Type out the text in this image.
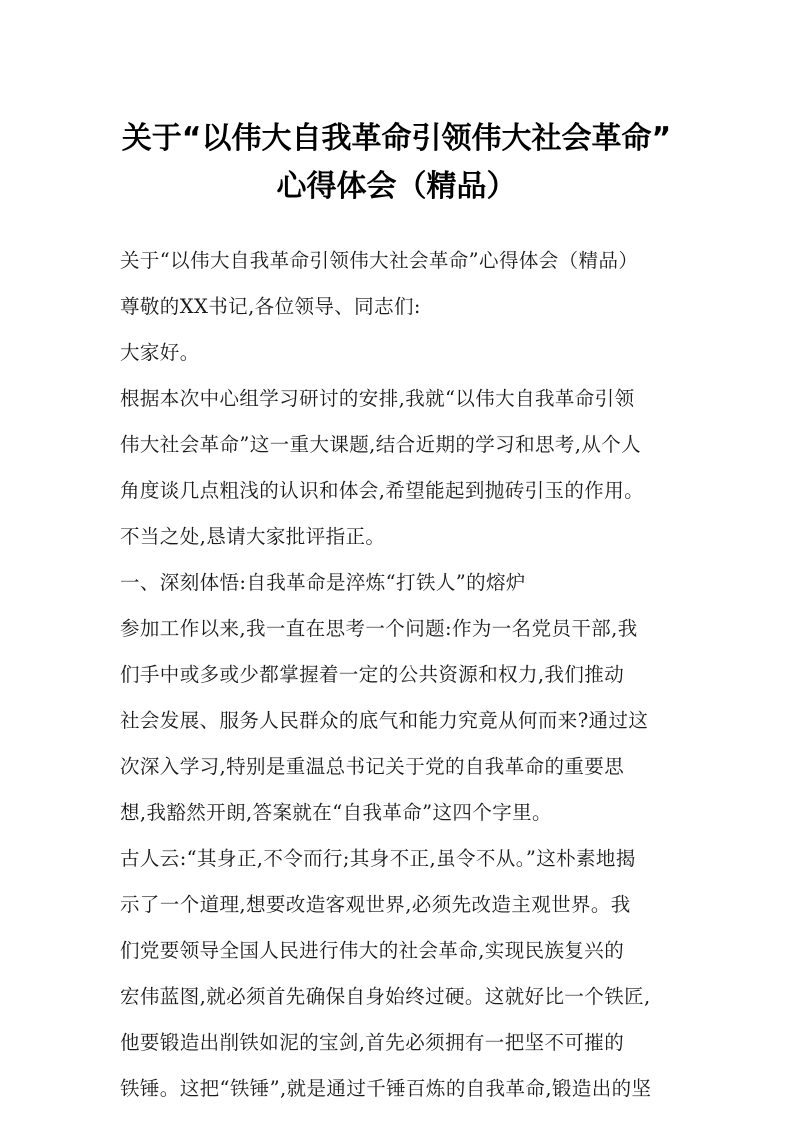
关于“以伟大自我革命引领伟大社会革命”
心得体会（精品）
关于“以伟大自我革命引领伟大社会革命”心得体会（精品）
尊敬的XX书记,各位领导、同志们:
大家好。
根据本次中心组学习研讨的安排,我就“以伟大自我革命引领
伟大社会革命”这一重大课题,结合近期的学习和思考,从个人
角度谈几点粗浅的认识和体会,希望能起到抛砖引玉的作用。
不当之处,恳请大家批评指正。
一、深刻体悟:自我革命是淬炼“打铁人”的熔炉
参加工作以来,我一直在思考一个问题:作为一名党员干部,我
们手中或多或少都掌握着一定的公共资源和权力,我们推动
社会发展、服务人民群众的底气和能力究竟从何而来?通过这
次深入学习,特别是重温总书记关于党的自我革命的重要思
想,我豁然开朗,答案就在“自我革命”这四个字里。
古人云:“其身正,不令而行;其身不正,虽令不从。”这朴素地揭
示了一个道理,想要改造客观世界,必须先改造主观世界。我
们党要领导全国人民进行伟大的社会革命,实现民族复兴的
宏伟蓝图,就必须首先确保自身始终过硬。这就好比一个铁匠,
他要锻造出削铁如泥的宝剑,首先必须拥有一把坚不可摧的
铁锤。这把“铁锤”,就是通过千锤百炼的自我革命,锻造出的坚
